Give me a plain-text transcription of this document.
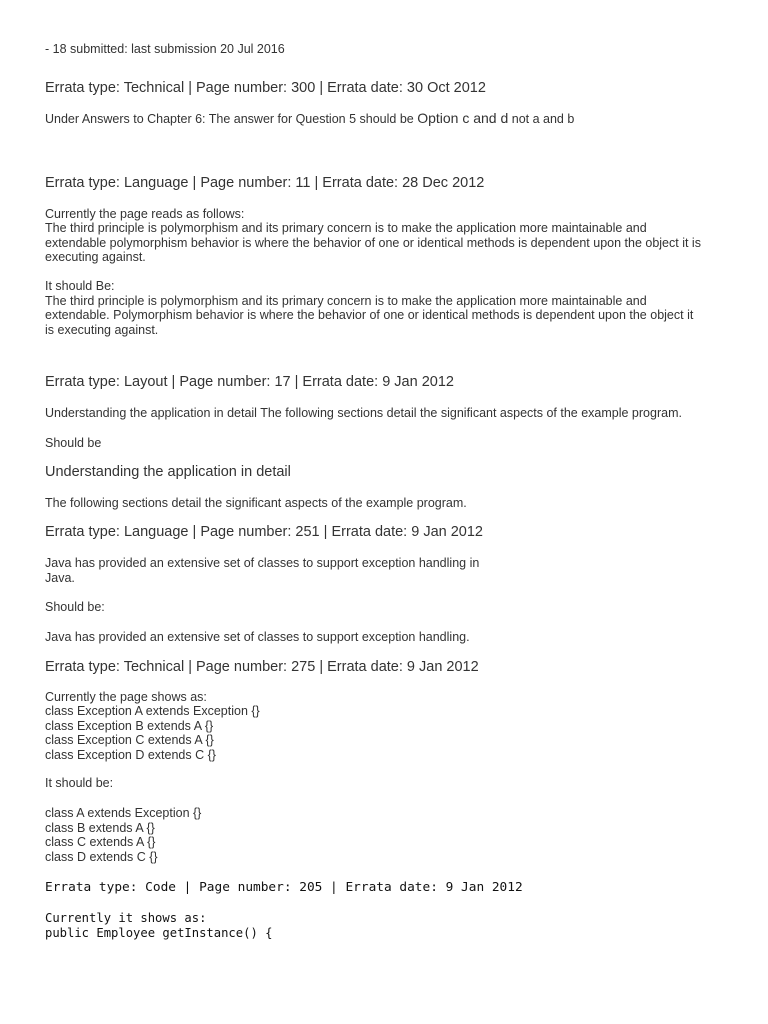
- 18 submitted: last submission 20 Jul 2016

Errata type: Technical | Page number: 300 | Errata date: 30 Oct 2012

Under Answers to Chapter 6: The answer for Question 5 should be Option c and d not a and b

Errata type: Language | Page number: 11 | Errata date: 28 Dec 2012

Currently the page reads as follows:

The third principle is polymorphism and its primary concern is to make the application more maintainable and extendable polymorphism behavior is where the behavior of one or identical methods is dependent upon the object it is executing against.

It should Be:

The third principle is polymorphism and its primary concern is to make the application more maintainable and extendable. Polymorphism behavior is where the behavior of one or identical methods is dependent upon the object it is executing against.

Errata type: Layout | Page number: 17 | Errata date: 9 Jan 2012

Understanding the application in detail The following sections detail the significant aspects of the example program.

Should be

Understanding the application in detail

The following sections detail the significant aspects of the example program.

Errata type: Language | Page number: 251 | Errata date: 9 Jan 2012

Java has provided an extensive set of classes to support exception handling in
Java.

Should be:

Java has provided an extensive set of classes to support exception handling.

Errata type: Technical | Page number: 275 | Errata date: 9 Jan 2012

Currently the page shows as:

class Exception A extends Exception {}
class Exception B extends A {}
class Exception C extends A {}
class Exception D extends C {}

It should be:

class A extends Exception {}
class B extends A {}
class C extends A {}
class D extends C {}

Errata type: Code | Page number: 205 | Errata date: 9 Jan 2012

Currently it shows as:
public Employee getInstance() {
